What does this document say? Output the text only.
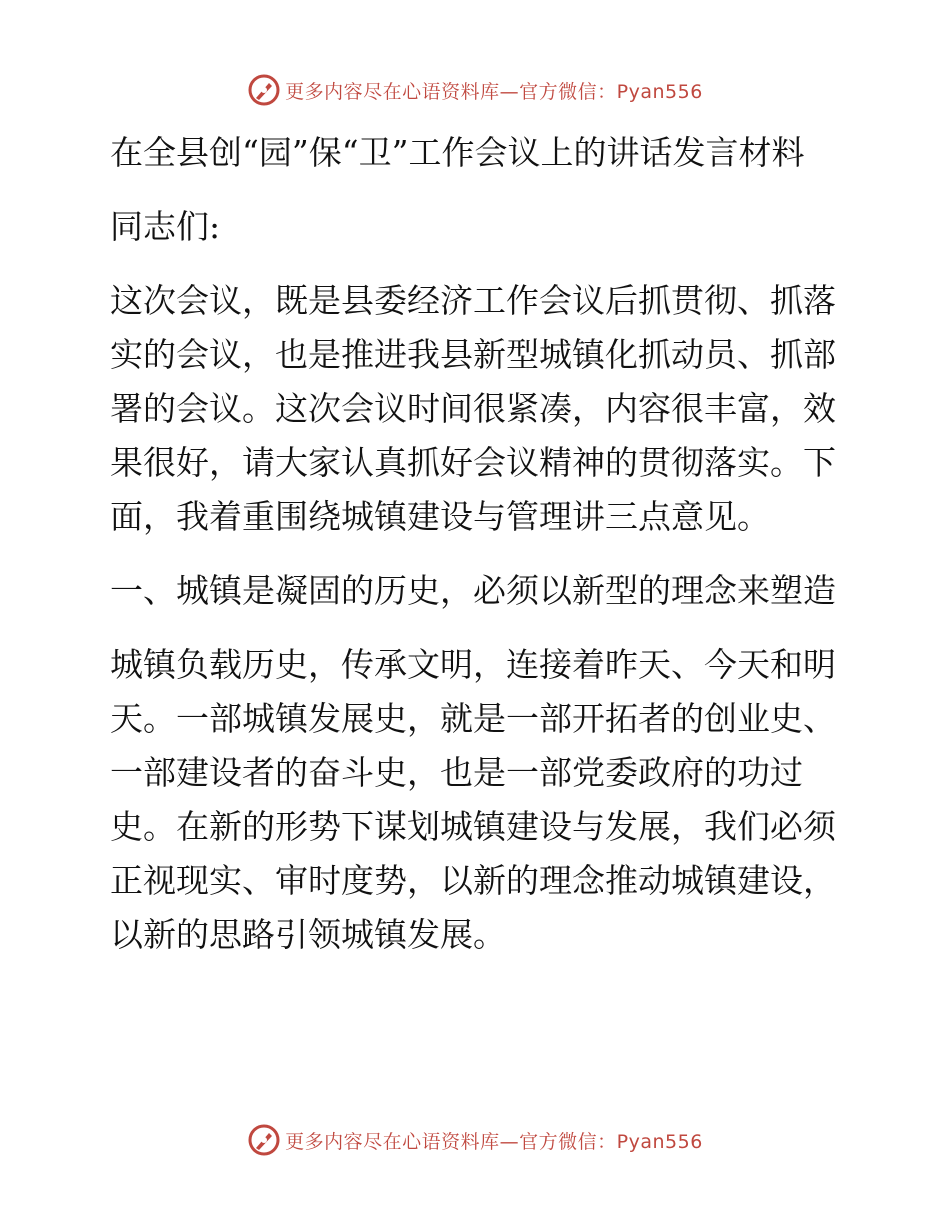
更多内容尽在心语资料库—官方微信：Pyan556

在全县创“园”保“卫”工作会议上的讲话发言材料

同志们:

这次会议，既是县委经济工作会议后抓贯彻、抓落实的会议，也是推进我县新型城镇化抓动员、抓部署的会议。这次会议时间很紧凑，内容很丰富，效果很好，请大家认真抓好会议精神的贯彻落实。下面，我着重围绕城镇建设与管理讲三点意见。

一、城镇是凝固的历史，必须以新型的理念来塑造

城镇负载历史，传承文明，连接着昨天、今天和明天。一部城镇发展史，就是一部开拓者的创业史、一部建设者的奋斗史，也是一部党委政府的功过史。在新的形势下谋划城镇建设与发展，我们必须正视现实、审时度势，以新的理念推动城镇建设，以新的思路引领城镇发展。

更多内容尽在心语资料库—官方微信：Pyan556
